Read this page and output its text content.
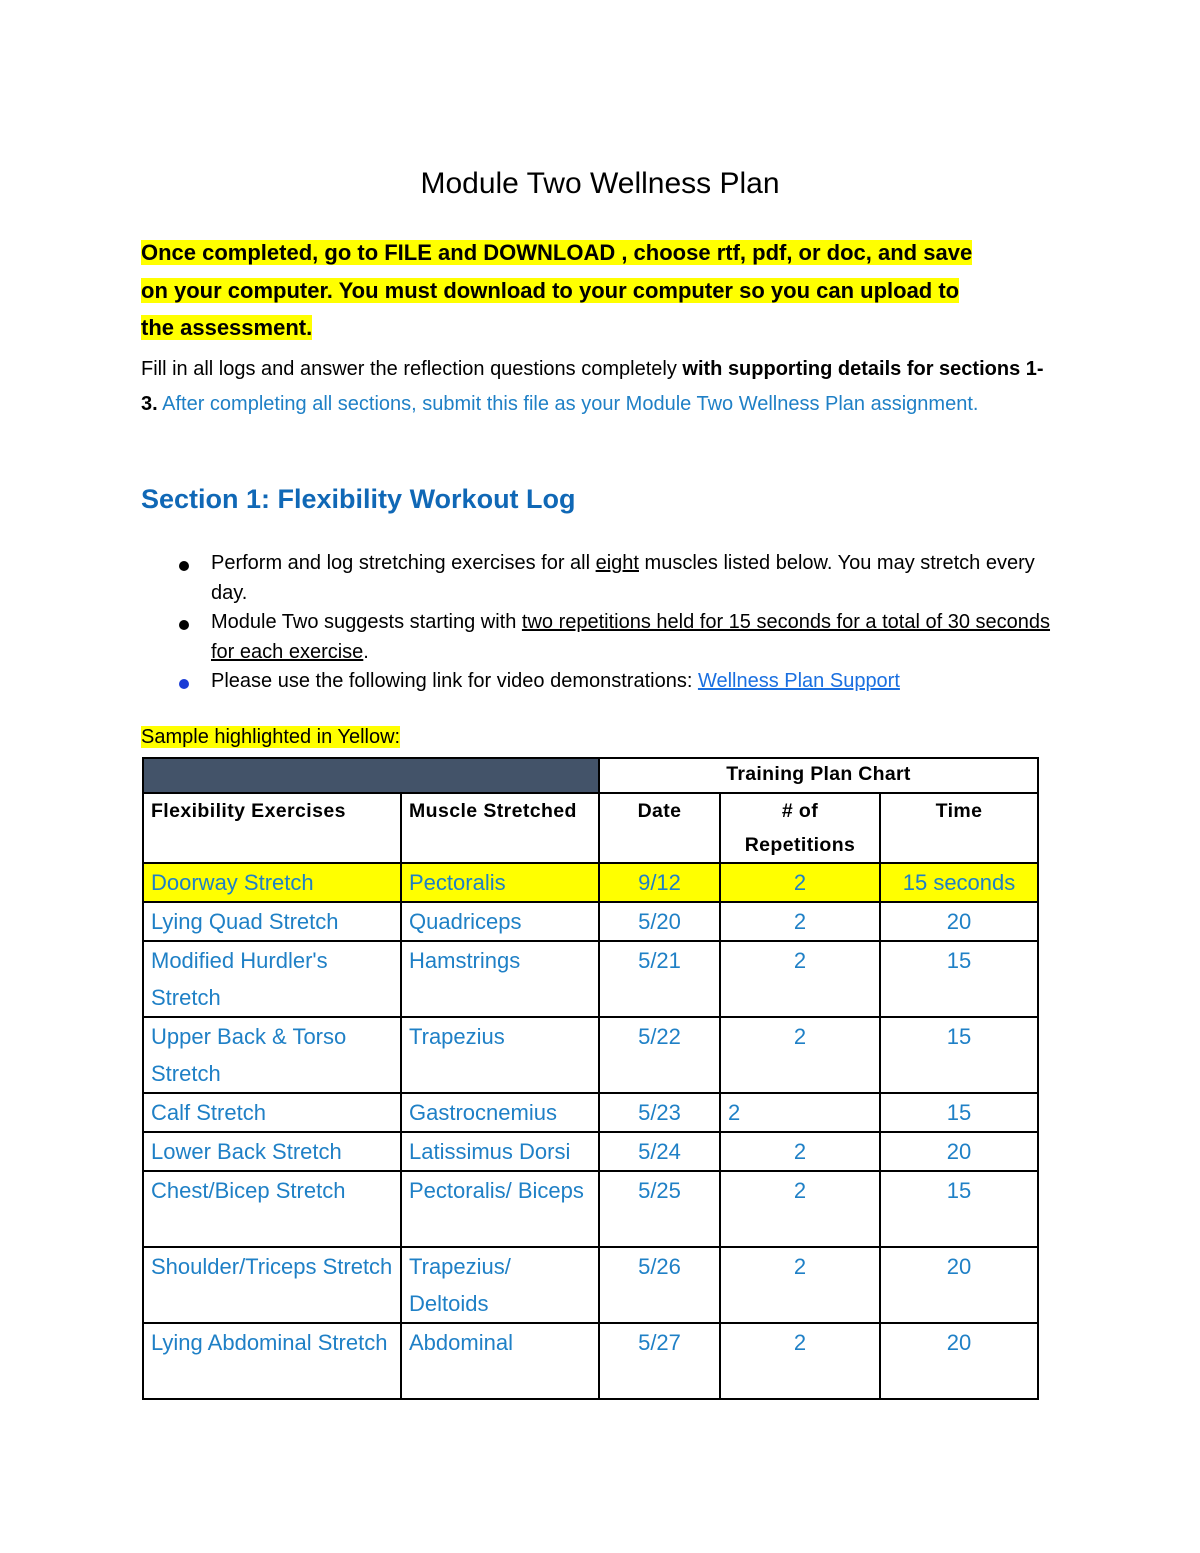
Module Two Wellness Plan
Once completed, go to FILE and DOWNLOAD , choose rtf, pdf, or doc, and save
on your computer. You must download to your computer so you can upload to
the assessment.
Fill in all logs and answer the reflection questions completely with supporting details for sections 1-3. After completing all sections, submit this file as your Module Two Wellness Plan assignment.
Section 1: Flexibility Workout Log
Perform and log stretching exercises for all eight muscles listed below. You may stretch every day.
Module Two suggests starting with two repetitions held for 15 seconds for a total of 30 seconds for each exercise.
Please use the following link for video demonstrations: Wellness Plan Support
Sample highlighted in Yellow:
		Training Plan Chart		
Flexibility Exercises	Muscle Stretched	Date	# of Repetitions	Time
Doorway Stretch	Pectoralis	9/12	2	15 seconds
Lying Quad Stretch	Quadriceps	5/20	2	20
Modified Hurdler's Stretch	Hamstrings	5/21	2	15
Upper Back & Torso Stretch	Trapezius	5/22	2	15
Calf Stretch	Gastrocnemius	5/23	2	15
Lower Back Stretch	Latissimus Dorsi	5/24	2	20
Chest/Bicep Stretch	Pectoralis/ Biceps	5/25	2	15
Shoulder/Triceps Stretch	Trapezius/ Deltoids	5/26	2	20
Lying Abdominal Stretch	Abdominal	5/27	2	20
